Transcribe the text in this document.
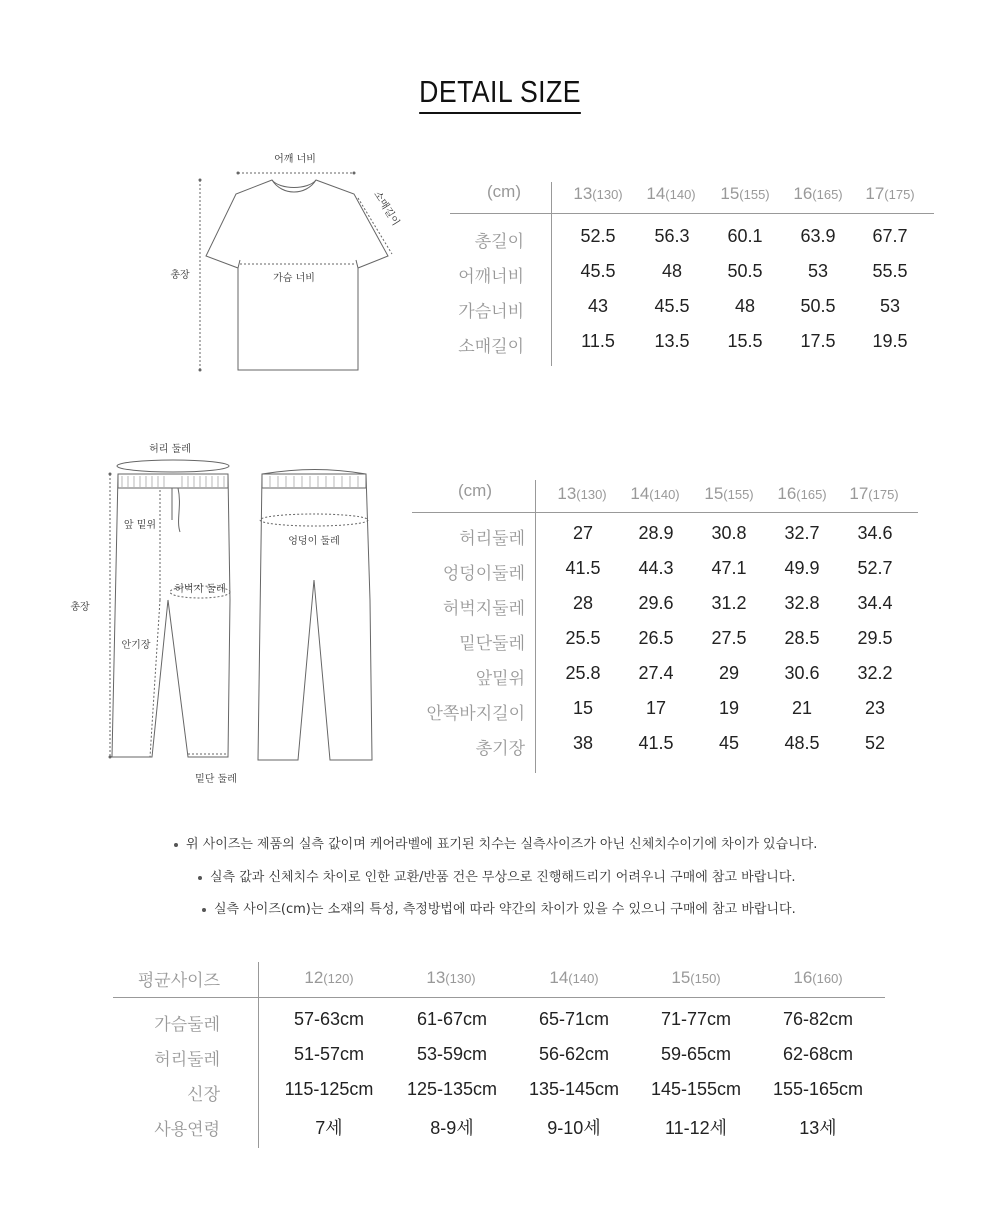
DETAIL SIZE
어깨 너비
가슴 너비
총장
소매길이
허리 둘레
앞 밑위
허벅지 둘레
안기장
총장
엉덩이 둘레
밑단 둘레
(cm)	13(130) 14(140) 15(155) 16(165) 17(175)
총길이	52.5 56.3 60.1 63.9 67.7
어깨너비	45.5	48	50.5	53 55.5
가슴너비	43	45.5	48	50.5 53
소매길이	11.5 13.5 15.5 17.5 19.5
(cm)	13(130) 14(140) 15(155) 16(165) 17(175)
허리둘레	27	28.9 30.8 32.7 34.6
엉덩이둘레 41.5 44.3 47.1 49.9 52.7
허벅지둘레	28	29.6 31.2 32.8 34.4
밑단둘레 25.5 26.5 27.5 28.5 29.5
앞밑위 25.8 27.4	29	30.6 32.2
안쪽바지길이	15	17	19	21	23
총기장	38	41.5	45	48.5	52
위 사이즈는 제품의 실측 값이며 케어라벨에 표기된 치수는 실측사이즈가 아닌 신체치수이기에 차이가 있습니다.
실측 값과 신체치수 차이로 인한 교환/반품 건은 무상으로 진행해드리기 어려우니 구매에 참고 바랍니다.
실측 사이즈(cm)는 소재의 특성, 측정방법에 따라 약간의 차이가 있을 수 있으니 구매에 참고 바랍니다.
평균사이즈	12(120)	13(130)	14(140)	15(150)	16(160)
가슴둘레	57-63cm	61-67cm	65-71cm	71-77cm	76-82cm
허리둘레	51-57cm	53-59cm	56-62cm	59-65cm	62-68cm
신장	115-125cm 125-135cm 135-145cm 145-155cm 155-165cm
사용연령	7세	8-9세	9-10세	11-12세	13세
